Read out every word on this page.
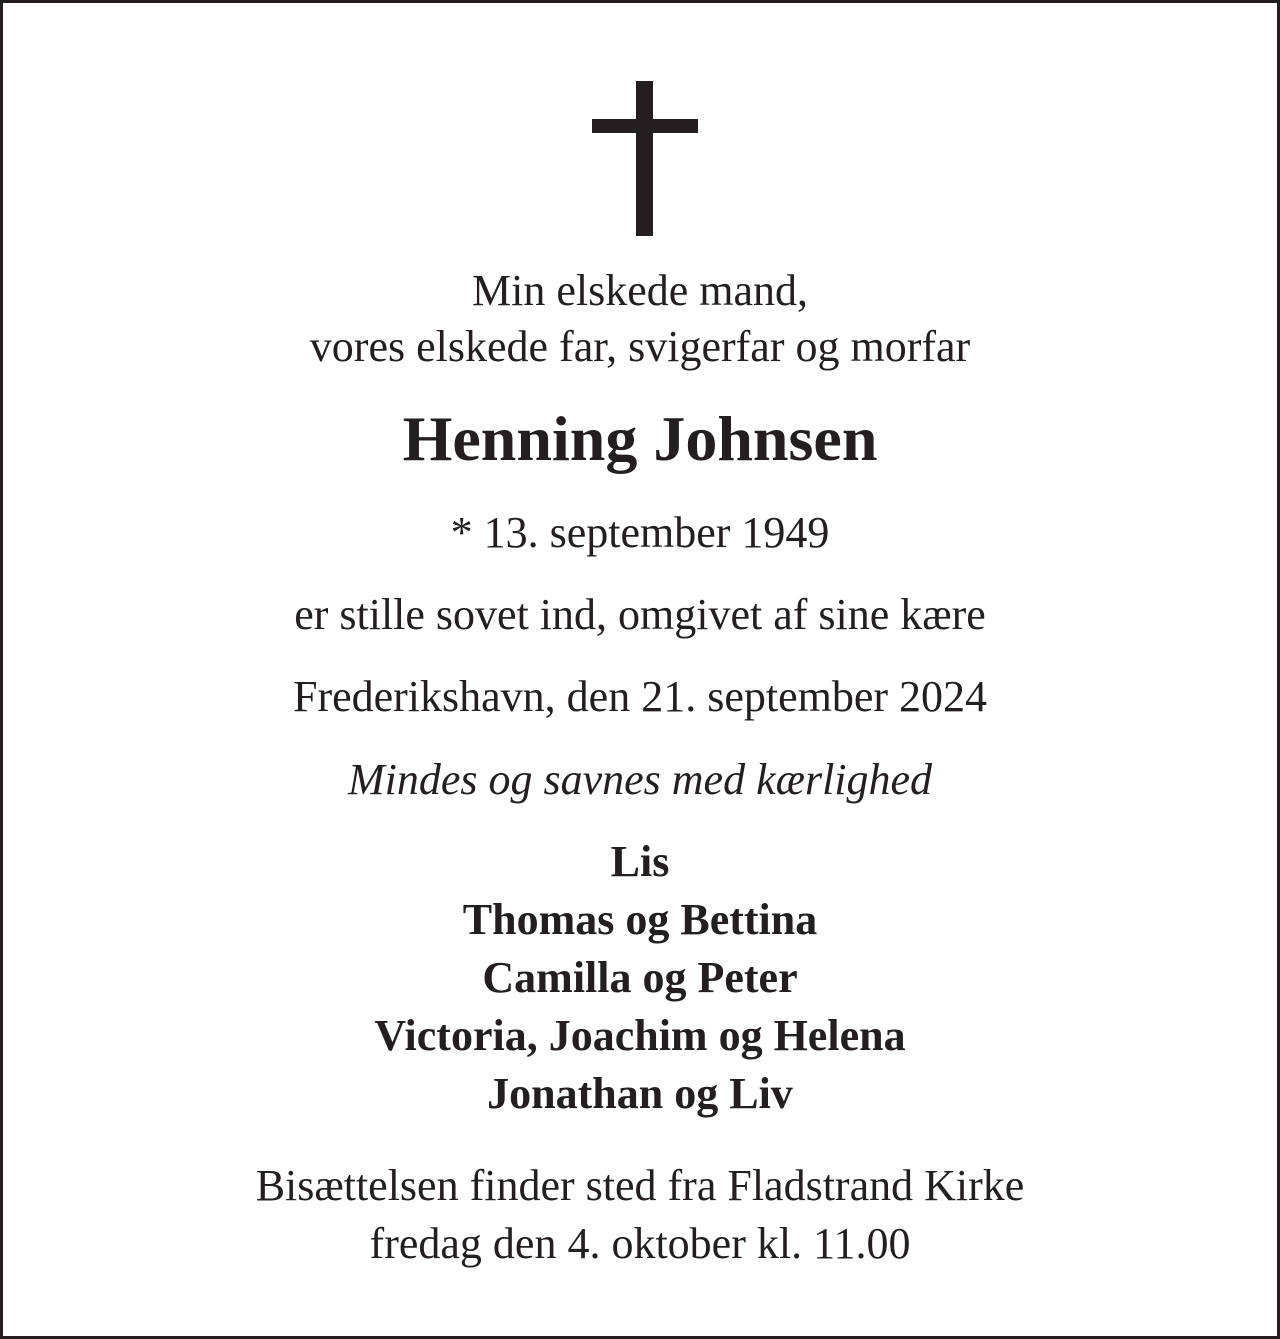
Min elskede mand,
vores elskede far, svigerfar og morfar
Henning Johnsen
* 13. september 1949
er stille sovet ind, omgivet af sine kære
Frederikshavn, den 21. september 2024
Mindes og savnes med kærlighed
Lis
Thomas og Bettina
Camilla og Peter
Victoria, Joachim og Helena
Jonathan og Liv
Bisættelsen finder sted fra Fladstrand Kirke
fredag den 4. oktober kl. 11.00
